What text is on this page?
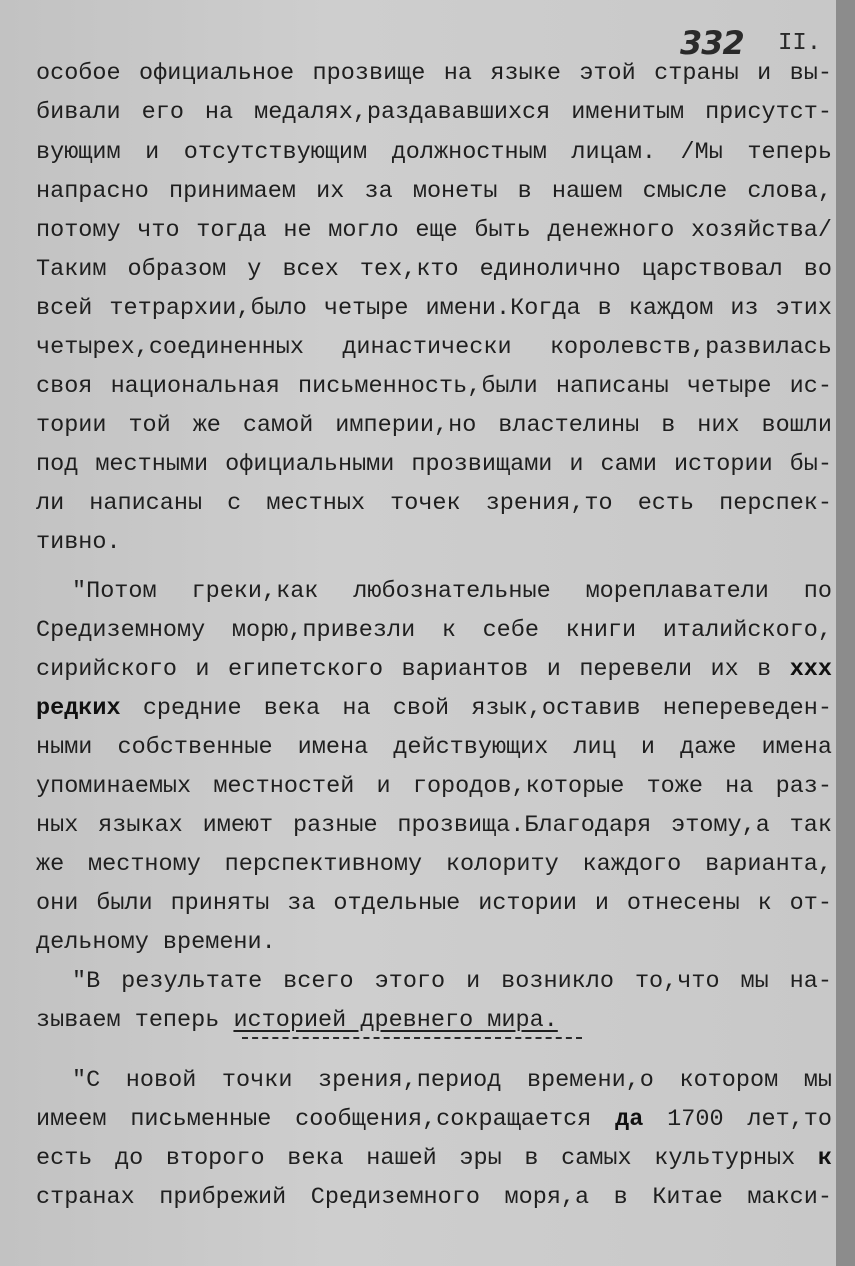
332 II.
особое официальное прозвище на языке этой страны и вы-
бивали его на медалях,раздававшихся именитым присутст-
вующим и отсутствующим должностным лицам. /Мы теперь
напрасно принимаем их за монеты в нашем смысле слова,
потому что тогда не могло еще быть денежного хозяйства/
Таким образом у всех тех,кто единолично царствовал во
всей тетрархии,было четыре имени.Когда в каждом из этих
четырех,соединенных династически королевств,развилась
своя национальная письменность,были написаны четыре ис-
тории той же самой империи,но властелины в них вошли
под местными официальными прозвищами и сами истории бы-
ли написаны с местных точек зрения,то есть перспек-
тивно.
"Потом греки,как любознательные мореплаватели по
Средиземному морю,привезли к себе книги италийского,
сирийского и египетского вариантов и перевели их в ххх
редких средние века на свой язык,оставив непереведен-
ными собственные имена действующих лиц и даже имена
упоминаемых местностей и городов,которые тоже на раз-
ных языках имеют разные прозвища.Благодаря этому,а так
же местному перспективному колориту каждого варианта,
они были приняты за отдельные истории и отнесены к от-
дельному времени.
"В результате всего этого и возникло то,что мы на-
зываем теперь историей древнего мира.
"С новой точки зрения,период времени,о котором мы
имеем письменные сообщения,сокращается да 1700 лет,то
есть до второго века нашей эры в самых культурных к
странах прибрежий Средиземного моря,а в Китае макси-
